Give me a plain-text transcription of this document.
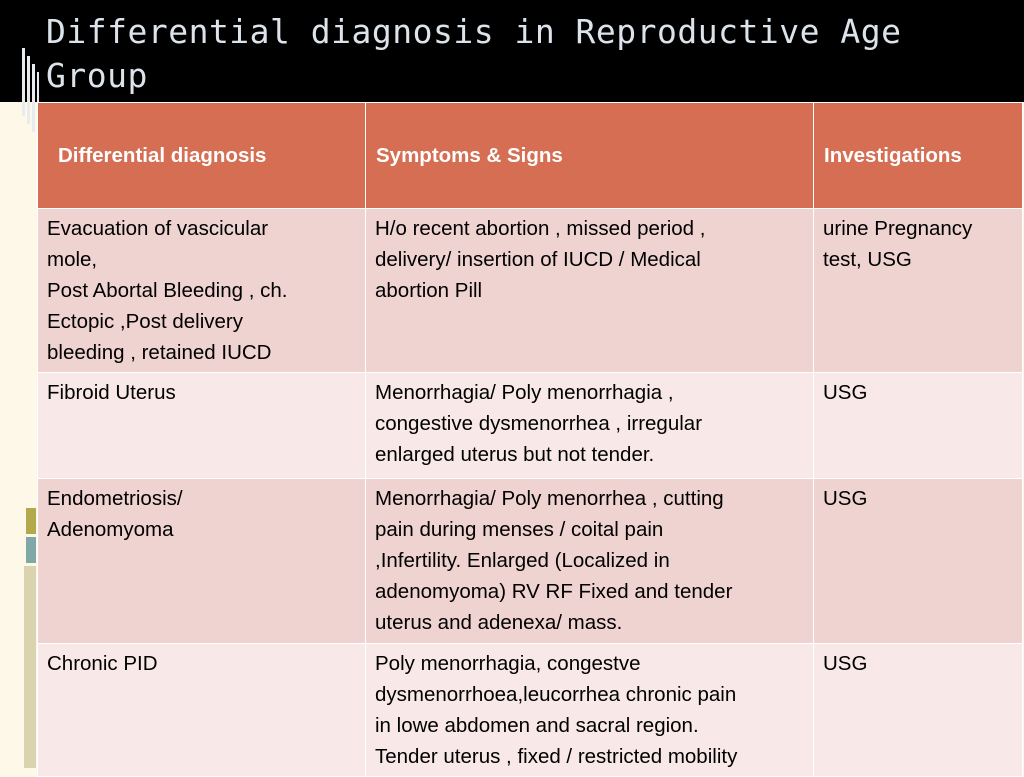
Differential diagnosis in Reproductive Age
Group
Differential diagnosis	Symptoms & Signs	Investigations
Evacuation of vascicular
mole,
Post Abortal Bleeding , ch.
Ectopic ,Post delivery
bleeding , retained IUCD	H/o recent abortion , missed period ,
delivery/ insertion of IUCD / Medical
abortion Pill	urine Pregnancy
test, USG
Fibroid Uterus	Menorrhagia/ Poly menorrhagia ,
congestive dysmenorrhea , irregular
enlarged uterus but not tender.	USG
Endometriosis/
Adenomyoma	Menorrhagia/ Poly menorrhea , cutting
pain during menses / coital pain
,Infertility. Enlarged (Localized in
adenomyoma) RV RF Fixed and tender
uterus and adenexa/ mass.	USG
Chronic PID	Poly menorrhagia, congestve
dysmenorrhoea,leucorrhea chronic pain
in lowe abdomen and sacral region.
Tender uterus , fixed / restricted mobility	USG
